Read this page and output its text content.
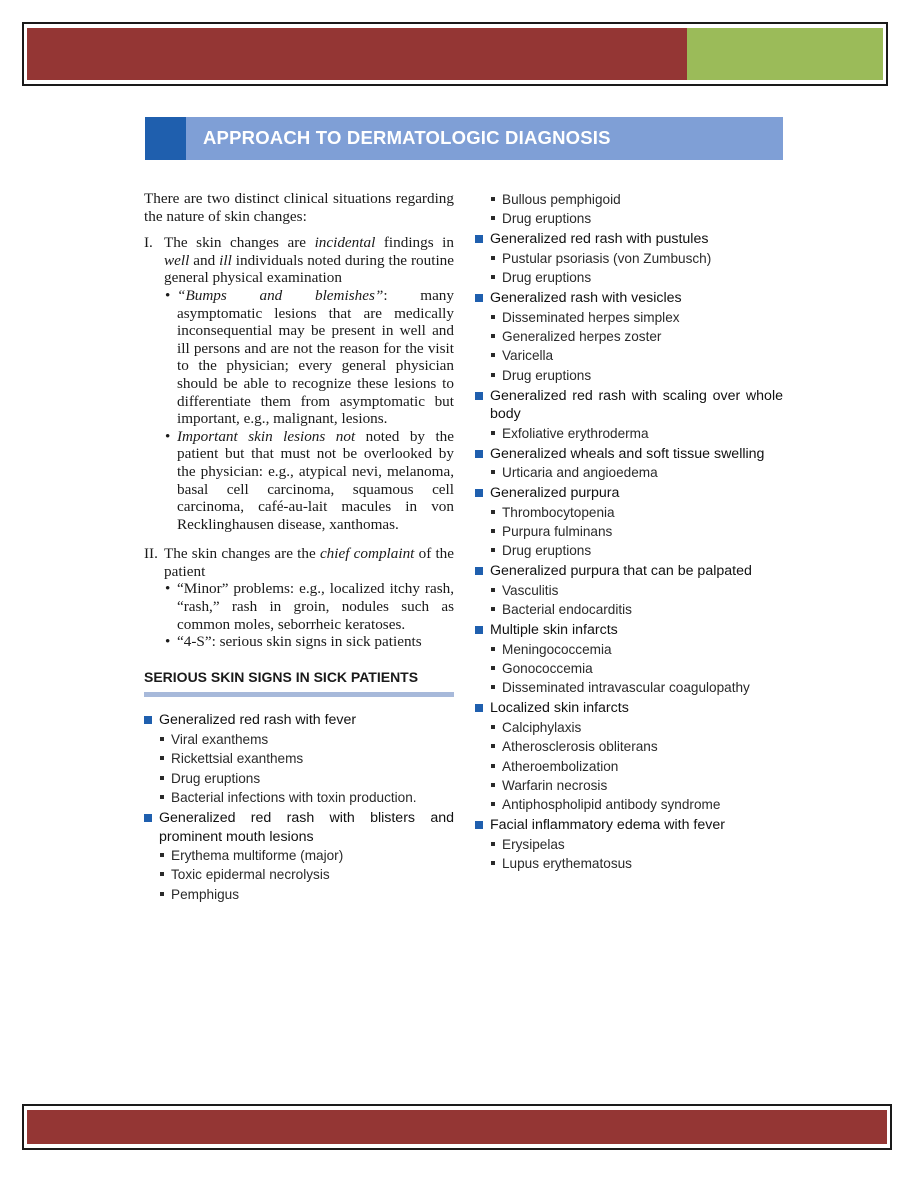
APPROACH TO DERMATOLOGIC DIAGNOSIS

There are two distinct clinical situations regarding the nature of skin changes:

I. The skin changes are incidental findings in well and ill individuals noted during the routine general physical examination
• “Bumps and blemishes”: many asymptomatic lesions that are medically inconsequential may be present in well and ill persons and are not the reason for the visit to the physician; every general physician should be able to recognize these lesions to differentiate them from asymptomatic but important, e.g., malignant, lesions.
• Important skin lesions not noted by the patient but that must not be overlooked by the physician: e.g., atypical nevi, melanoma, basal cell carcinoma, squamous cell carcinoma, café-au-lait macules in von Recklinghausen disease, xanthomas.
II. The skin changes are the chief complaint of the patient
• “Minor” problems: e.g., localized itchy rash, “rash,” rash in groin, nodules such as common moles, seborrheic keratoses.
• “4-S”: serious skin signs in sick patients
SERIOUS SKIN SIGNS IN SICK PATIENTS
Generalized red rash with fever
Viral exanthems
Rickettsial exanthems
Drug eruptions
Bacterial infections with toxin production.
Generalized red rash with blisters and prominent mouth lesions
Erythema multiforme (major)
Toxic epidermal necrolysis
Pemphigus
Bullous pemphigoid
Drug eruptions
Generalized red rash with pustules
Pustular psoriasis (von Zumbusch)
Drug eruptions
Generalized rash with vesicles
Disseminated herpes simplex
Generalized herpes zoster
Varicella
Drug eruptions
Generalized red rash with scaling over whole body
Exfoliative erythroderma
Generalized wheals and soft tissue swelling
Urticaria and angioedema
Generalized purpura
Thrombocytopenia
Purpura fulminans
Drug eruptions
Generalized purpura that can be palpated
Vasculitis
Bacterial endocarditis
Multiple skin infarcts
Meningococcemia
Gonococcemia
Disseminated intravascular coagulopathy
Localized skin infarcts
Calciphylaxis
Atherosclerosis obliterans
Atheroembolization
Warfarin necrosis
Antiphospholipid antibody syndrome
Facial inflammatory edema with fever
Erysipelas
Lupus erythematosus
